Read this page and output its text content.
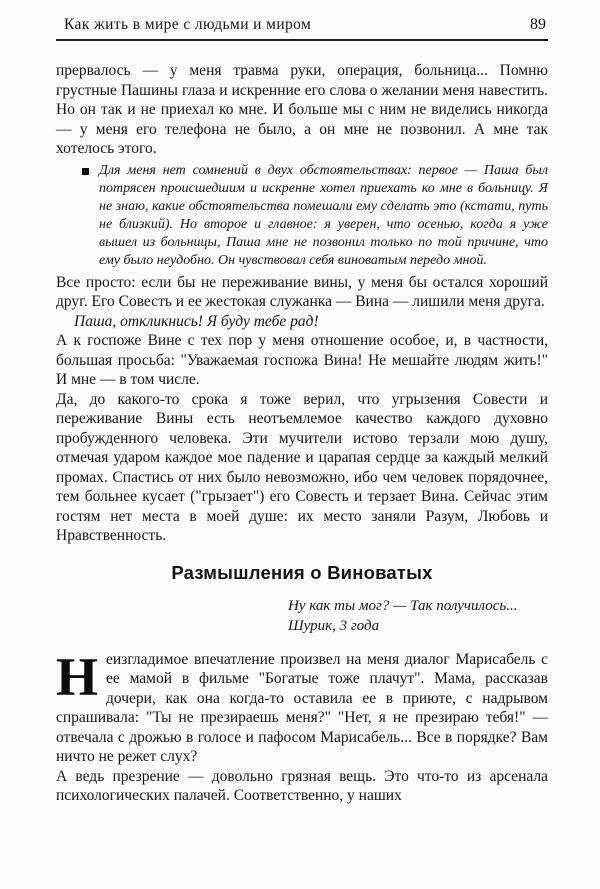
Как жить в мире с людьми и миром	89

прервалось — у меня травма руки, операция, больница... Помню грустные Пашины глаза и искренние его слова о желании меня навестить. Но он так и не приехал ко мне. И больше мы с ним не виделись никогда — у меня его телефона не было, а он мне не позвонил. А мне так хотелось этого.

Для меня нет сомнений в двух обстоятельствах: первое — Паша был потрясен происшедшим и искренне хотел приехать ко мне в больницу. Я не знаю, какие обстоятельства помешали ему сделать это (кстати, путь не близкий). Но второе и главное: я уверен, что осенью, когда я уже вышел из больницы, Паша мне не позвонил только по той причине, что ему было неудобно. Он чувствовал себя виноватым передо мной.

Все просто: если бы не переживание вины, у меня бы остался хороший друг. Его Совесть и ее жестокая служанка — Вина — лишили меня друга.

Паша, откликнись! Я буду тебе рад!

А к госпоже Вине с тех пор у меня отношение особое, и, в частности, большая просьба: "Уважаемая госпожа Вина! Не мешайте людям жить!" И мне — в том числе.

Да, до какого-то срока я тоже верил, что угрызения Совести и переживание Вины есть неотъемлемое качество каждого духовно пробужденного человека. Эти мучители истово терзали мою душу, отмечая ударом каждое мое падение и царапая сердце за каждый мелкий промах. Спастись от них было невозможно, ибо чем человек порядочнее, тем больнее кусает ("грызает") его Совесть и терзает Вина. Сейчас этим гостям нет места в моей душе: их место заняли Разум, Любовь и Нравственность.

Размышления о Виноватых
Ну как ты мог? — Так получилось...
Шурик, 3 года

Неизгладимое впечатление произвел на меня диалог Марисабель с ее мамой в фильме "Богатые тоже плачут". Мама, рассказав дочери, как она когда-то оставила ее в приюте, с надрывом спрашивала: "Ты не презираешь меня?" "Нет, я не презираю тебя!" — отвечала с дрожью в голосе и пафосом Марисабель... Все в порядке? Вам ничто не режет слух?

А ведь презрение — довольно грязная вещь. Это что-то из арсенала психологических палачей. Соответственно, у наших
